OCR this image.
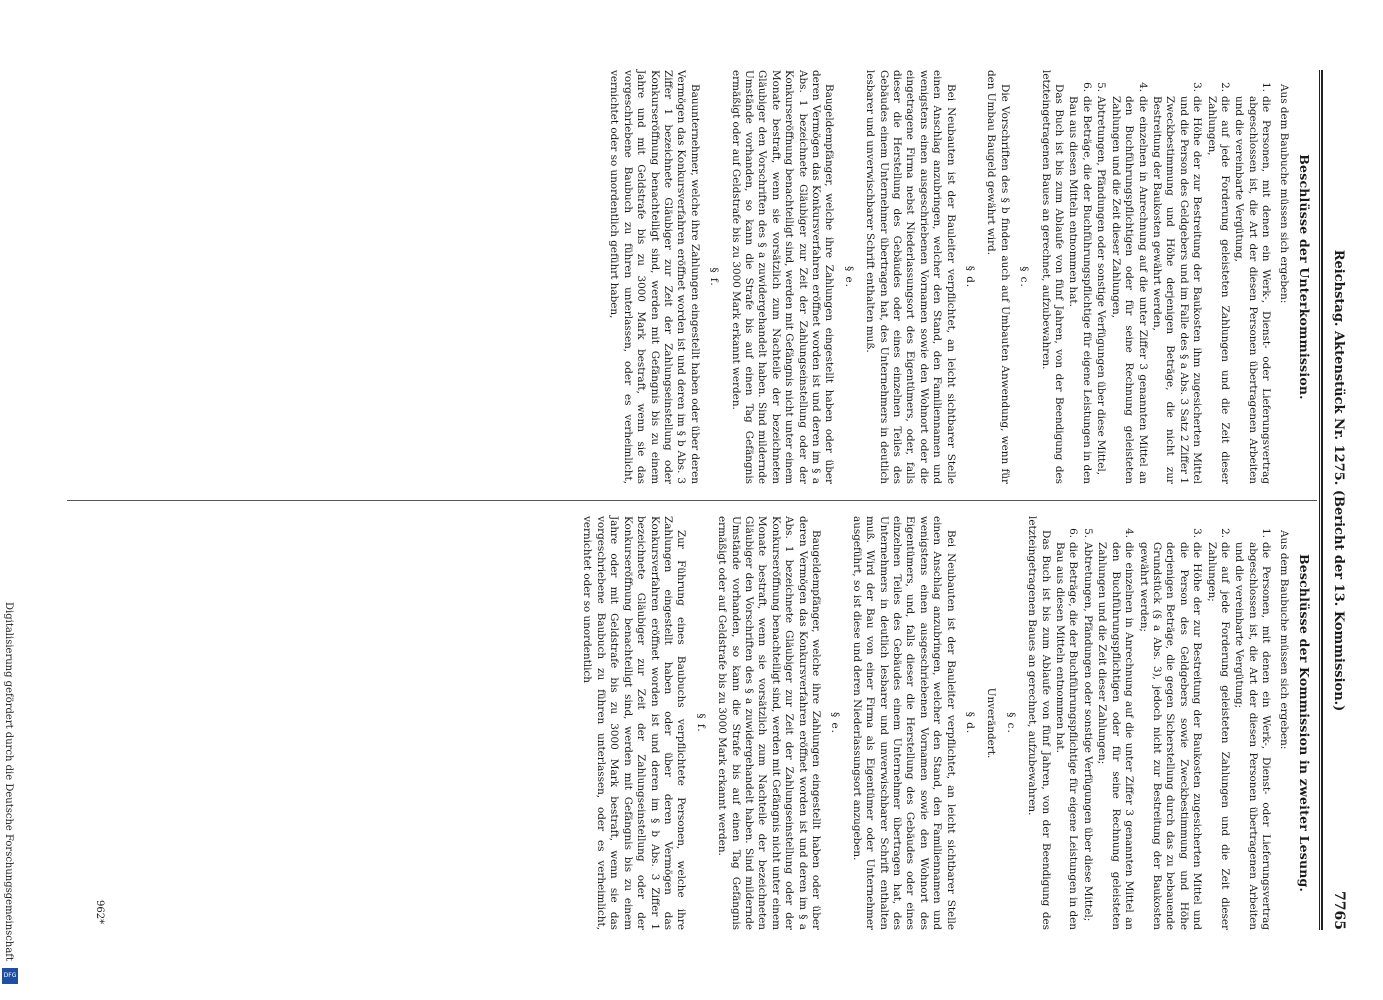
Reichstag. Aktenstück Nr. 1275. (Bericht der 13. Kommission.)
7765
Beschlüsse der Unterkommission.

Aus dem Baubuche müssen sich ergeben:

1.
die Personen, mit denen ein Werk-, Dienst- oder Lieferungsvertrag abgeschlossen ist, die Art der diesen Personen übertragenen Arbeiten und die vereinbarte Vergütung,
2.
die auf jede Forderung geleisteten Zahlungen und die Zeit dieser Zahlungen,
3.
die Höhe der zur Bestreitung der Baukosten ihm zugesicherten Mittel und die Person des Geldgebers und im Falle des § a Abs. 3 Satz 2 Ziffer 1 Zweckbestimmung und Höhe derjenigen Beträge, die nicht zur Bestreitung der Baukosten gewährt werden,
4.
die einzelnen in Anrechnung auf die unter Ziffer 3 genannten Mittel an den Buchführungspflichtigen oder für seine Rechnung geleisteten Zahlungen und die Zeit dieser Zahlungen,
5.
Abtretungen, Pfändungen oder sonstige Verfügungen über diese Mittel,
6.
die Beträge, die der Buchführungspflichtige für eigene Leistungen in den Bau aus diesen Mitteln entnommen hat.

Das Buch ist bis zum Ablaufe von fünf Jahren, von der Beendigung des letzteingetragenen Baues an gerechnet, aufzubewahren.

§ c.

Die Vorschriften des § b finden auch auf Umbauten Anwendung, wenn für den Umbau Baugeld gewährt wird.

§ d.

Bei Neubauten ist der Bauleiter verpflichtet, an leicht sichtbarer Stelle einen Anschlag anzubringen, welcher den Stand, den Familiennamen und wenigstens einen ausgeschriebenen Vornamen sowie den Wohnort oder die eingetragene Firma nebst Niederlassungsort des Eigentümers, oder, falls dieser die Herstellung des Gebäudes oder eines einzelnen Teiles des Gebäudes einem Unternehmer übertragen hat, des Unternehmers in deutlich lesbarer und unverwischbarer Schrift enthalten muß.

§ e.

Baugeldempfänger, welche ihre Zahlungen eingestellt haben oder über deren Vermögen das Konkursverfahren eröffnet worden ist und deren im § a Abs. 1 bezeichnete Gläubiger zur Zeit der Zahlungseinstellung oder der Konkurseröffnung benachteiligt sind, werden mit Gefängnis nicht unter einem Monate bestraft, wenn sie vorsätzlich zum Nachteile der bezeichneten Gläubiger den Vorschriften des § a zuwidergehandelt haben. Sind mildernde Umstände vorhanden, so kann die Strafe bis auf einen Tag Gefängnis ermäßigt oder auf Geldstrafe bis zu 3000 Mark erkannt werden.

§ f.

Bauunternehmer, welche ihre Zahlungen eingestellt haben oder über deren Vermögen das Konkursverfahren eröffnet worden ist und deren im § b Abs. 3 Ziffer 1 bezeichnete Gläubiger zur Zeit der Zahlungseinstellung oder Konkurseröffnung benachteiligt sind, werden mit Gefängnis bis zu einem Jahre und mit Geldstrafe bis zu 3000 Mark bestraft, wenn sie das vorgeschriebene Baubuch zu führen unterlassen, oder es verheimlicht, vernichtet oder so unordentlich geführt haben,

Beschlüsse der Kommission in zweiter Lesung.

Aus dem Baubuche müssen sich ergeben:

1.
die Personen, mit denen ein Werk-, Dienst- oder Lieferungsvertrag abgeschlossen ist, die Art der diesen Personen übertragenen Arbeiten und die vereinbarte Vergütung;
2.
die auf jede Forderung geleisteten Zahlungen und die Zeit dieser Zahlungen;
3.
die Höhe der zur Bestreitung der Baukosten zugesicherten Mittel und die Person des Geldgebers sowie Zweckbestimmung und Höhe derjenigen Beträge, die gegen Sicherstellung durch das zu bebauende Grundstück (§ a Abs. 3), jedoch nicht zur Bestreitung der Baukosten gewährt werden;
4.
die einzelnen in Anrechnung auf die unter Ziffer 3 genannten Mittel an den Buchführungspflichtigen oder für seine Rechnung geleisteten Zahlungen und die Zeit dieser Zahlungen;
5.
Abtretungen, Pfändungen oder sonstige Verfügungen über diese Mittel;
6.
die Beträge, die der Buchführungspflichtige für eigene Leistungen in den Bau aus diesen Mitteln entnommen hat.

Das Buch ist bis zum Ablaufe von fünf Jahren, von der Beendigung des letzteingetragenen Baues an gerechnet, aufzubewahren.

§ c.

Unverändert.

§ d.

Bei Neubauten ist der Bauleiter verpflichtet, an leicht sichtbarer Stelle einen Anschlag anzubringen, welcher den Stand, den Familiennamen und wenigstens einen ausgeschriebenen Vornamen sowie den Wohnort des Eigentümers, und, falls dieser die Herstellung des Gebäudes oder eines einzelnen Teiles des Gebäudes einem Unternehmer übertragen hat, des Unternehmers in deutlich lesbarer und unverwischbarer Schrift enthalten muß. Wird der Bau von einer Firma als Eigentümer oder Unternehmer ausgeführt, so ist diese und deren Niederlassungsort anzugeben.

§ e.

Baugeldempfänger, welche ihre Zahlungen eingestellt haben oder über deren Vermögen das Konkursverfahren eröffnet worden ist und deren im § a Abs. 1 bezeichnete Gläubiger zur Zeit der Zahlungseinstellung oder der Konkurseröffnung benachteiligt sind, werden mit Gefängnis nicht unter einem Monate bestraft, wenn sie vorsätzlich zum Nachteile der bezeichneten Gläubiger den Vorschriften des § a zuwidergehandelt haben. Sind mildernde Umstände vorhanden, so kann die Strafe bis auf einen Tag Gefängnis ermäßigt oder auf Geldstrafe bis zu 3000 Mark erkannt werden.

§ f.

Zur Führung eines Baubuchs verpflichtete Personen, welche ihre Zahlungen eingestellt haben oder über deren Vermögen das Konkursverfahren eröffnet worden ist und deren im § b Abs. 3 Ziffer 1 bezeichnete Gläubiger zur Zeit der Zahlungseinstellung oder der Konkurseröffnung benachteiligt sind, werden mit Gefängnis bis zu einem Jahre oder mit Geldstrafe bis zu 3000 Mark bestraft, wenn sie das vorgeschriebene Baubuch zu führen unterlassen, oder es verheimlicht, vernichtet oder so unordentlich

962*
Digitalisierung gefördert durch die Deutsche Forschungsgemeinschaft
DFG
